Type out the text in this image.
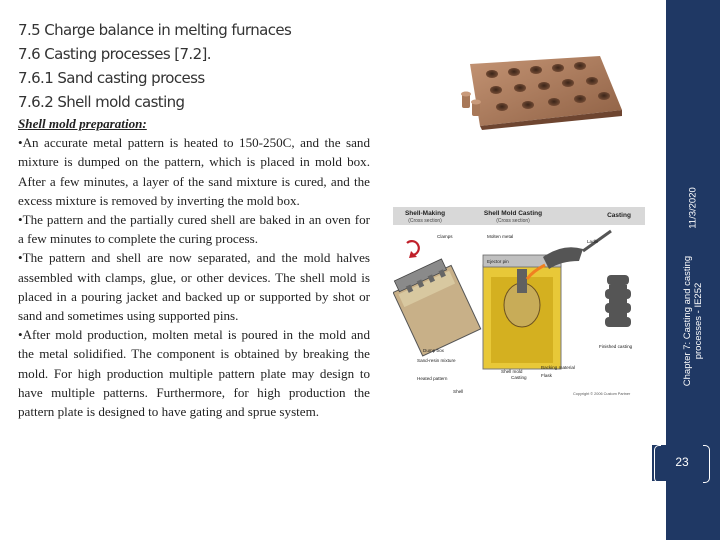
7.5 Charge balance in melting furnaces
7.6 Casting processes [7.2].
7.6.1 Sand casting process
7.6.2 Shell mold casting

Shell mold preparation:

•An accurate metal pattern is heated to 150-250C, and the sand mixture is dumped on the pattern, which is placed in mold box. After a few minutes, a layer of the sand mixture is cured, and the excess mixture is removed by inverting the mold box.

•The pattern and the partially cured shell are baked in an oven for a few minutes to complete the curing process.

•The pattern and shell are now separated, and the mold halves assembled with clamps, glue, or other devices. The shell mold is placed in a pouring jacket and backed up or supported by shot or sand and sometimes using supported pins.

•After mold production, molten metal is poured in the mold and the metal solidified. The component is obtained by breaking the mold. For high production multiple pattern plate may design to have multiple patterns. Furthermore, for high production the pattern plate is designed to have gating and sprue system.

Shell-Making
(Cross section)
Shell Mold Casting
(Cross section)
Casting
Clamps	Molten metal
Ladle
Ejector pin
Dump box
Sand-resin mixture
Heated pattern
Shell
Shell mold
Casting
Backing material
Flask
Finished casting
Copyright © 2006 Custom Partner
11/3/2020
Chapter 7: Casting and casting processes - IE252
23
